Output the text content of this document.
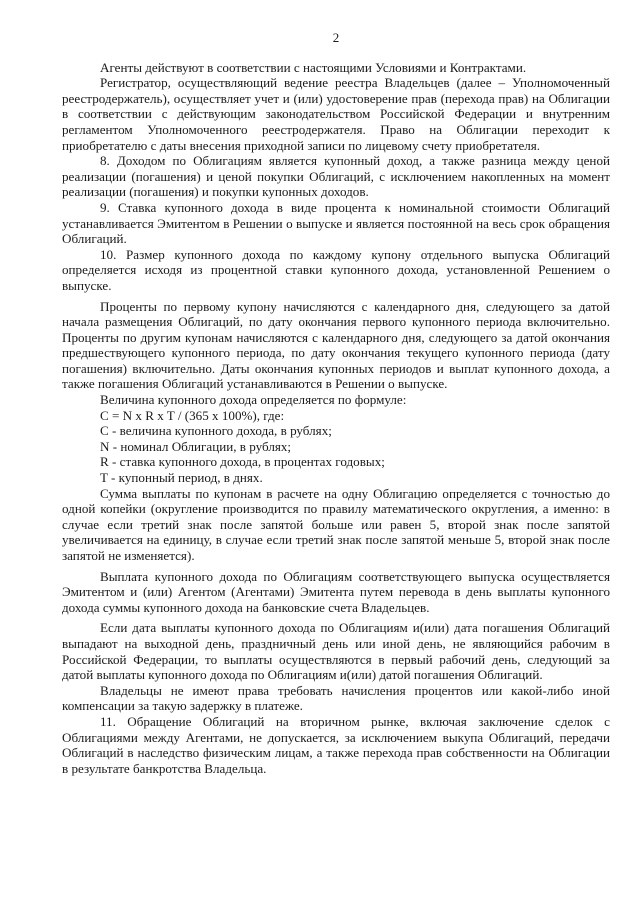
2

Агенты действуют в соответствии с настоящими Условиями и Контрактами.

Регистратор, осуществляющий ведение реестра Владельцев (далее – Уполномоченный реестродержатель), осуществляет учет и (или) удостоверение прав (перехода прав) на Облигации в соответствии с действующим законодательством Российской Федерации и внутренним регламентом Уполномоченного реестродержателя. Право на Облигации переходит к приобретателю с даты внесения приходной записи по лицевому счету приобретателя.

8. Доходом по Облигациям является купонный доход, а также разница между ценой реализации (погашения) и ценой покупки Облигаций, с исключением накопленных на момент реализации (погашения) и покупки купонных доходов.

9. Ставка купонного дохода в виде процента к номинальной стоимости Облигаций устанавливается Эмитентом в Решении о выпуске и является постоянной на весь срок обращения Облигаций.

10. Размер купонного дохода по каждому купону отдельного выпуска Облигаций определяется исходя из процентной ставки купонного дохода, установленной Решением о выпуске.

Проценты по первому купону начисляются с календарного дня, следующего за датой начала размещения Облигаций, по дату окончания первого купонного периода включительно. Проценты по другим купонам начисляются с календарного дня, следующего за датой окончания предшествующего купонного периода, по дату окончания текущего купонного периода (дату погашения) включительно. Даты окончания купонных периодов и выплат купонного дохода, а также погашения Облигаций устанавливаются в Решении о выпуске.

Величина купонного дохода определяется по формуле:

C = N x R x T / (365 x 100%), где:

C - величина купонного дохода, в рублях;

N - номинал Облигации, в рублях;

R - ставка купонного дохода, в процентах годовых;

T - купонный период, в днях.

Сумма выплаты по купонам в расчете на одну Облигацию определяется с точностью до одной копейки (округление производится по правилу математического округления, а именно: в случае если третий знак после запятой больше или равен 5, второй знак после запятой увеличивается на единицу, в случае если третий знак после запятой меньше 5, второй знак после запятой не изменяется).

Выплата купонного дохода по Облигациям соответствующего выпуска осуществляется Эмитентом и (или) Агентом (Агентами) Эмитента путем перевода в день выплаты купонного дохода суммы купонного дохода на банковские счета Владельцев.

Если дата выплаты купонного дохода по Облигациям и(или) дата погашения Облигаций выпадают на выходной день, праздничный день или иной день, не являющийся рабочим в Российской Федерации, то выплаты осуществляются в первый рабочий день, следующий за датой выплаты купонного дохода по Облигациям и(или) датой погашения Облигаций.

Владельцы не имеют права требовать начисления процентов или какой-либо иной компенсации за такую задержку в платеже.

11. Обращение Облигаций на вторичном рынке, включая заключение сделок с Облигациями между Агентами, не допускается, за исключением выкупа Облигаций, передачи Облигаций в наследство физическим лицам, а также перехода прав собственности на Облигации в результате банкротства Владельца.
